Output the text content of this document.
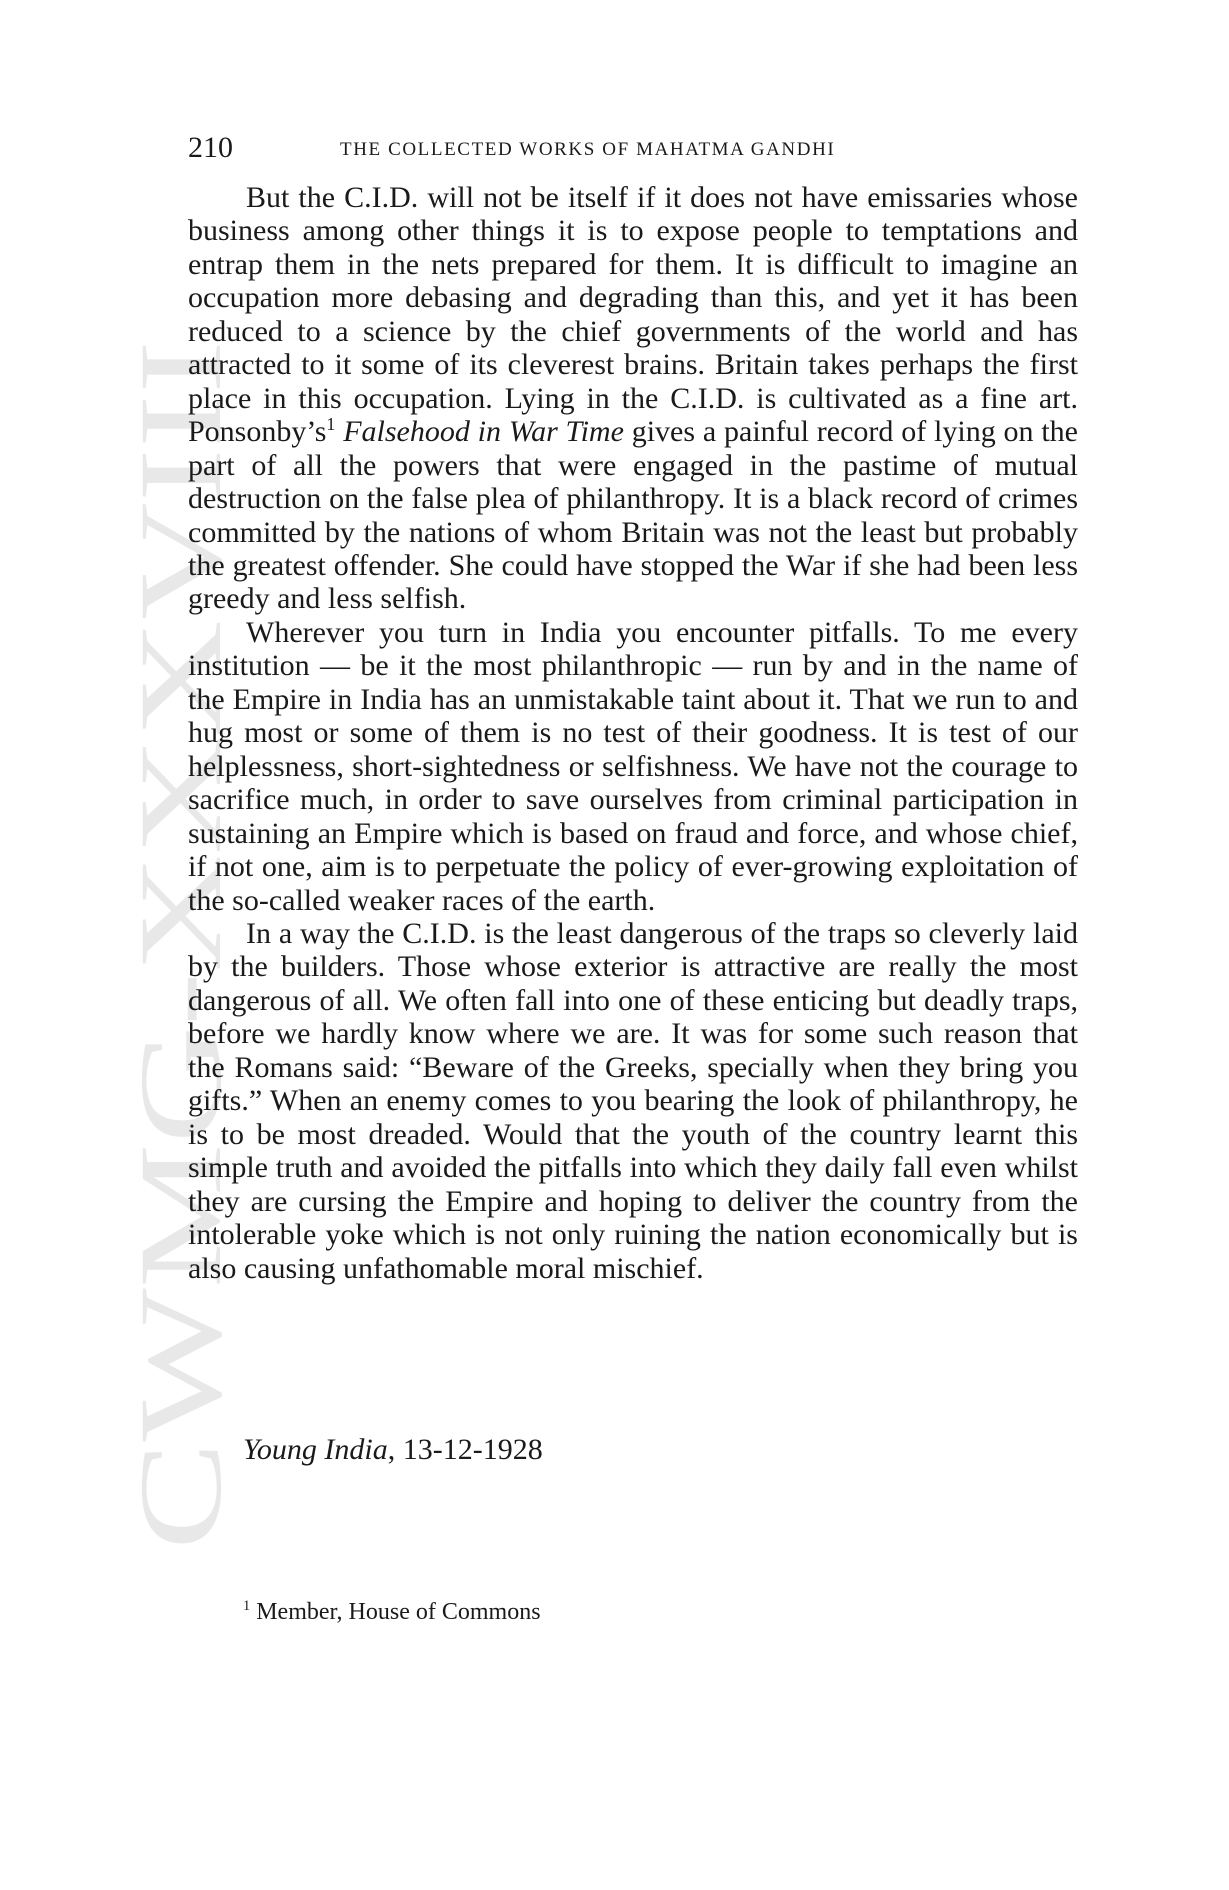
CWMG-XXXVIII
210	THE COLLECTED WORKS OF MAHATMA GANDHI

But the C.I.D. will not be itself if it does not have emissaries whose business among other things it is to expose people to temptations and entrap them in the nets prepared for them. It is difficult to imagine an occupation more debasing and degrading than this, and yet it has been reduced to a science by the chief governments of the world and has attracted to it some of its cleverest brains. Britain takes perhaps the first place in this occupation. Lying in the C.I.D. is cultivated as a fine art. $Ponsonby’s^1$ Falsehood in War Time gives a painful record of lying on the part of all the powers that were engaged in the pastime of mutual destruction on the false plea of philanthropy. It is a black record of crimes committed by the nations of whom Britain was not the least but probably the greatest offender. She could have stopped the War if she had been less greedy and less selfish.

Wherever you turn in India you encounter pitfalls. To me every institution — be it the most philanthropic — run by and in the name of the Empire in India has an unmistakable taint about it. That we run to and hug most or some of them is no test of their goodness. It is test of our helplessness, short-sightedness or selfishness. We have not the courage to sacrifice much, in order to save ourselves from criminal participation in sustaining an Empire which is based on fraud and force, and whose chief, if not one, aim is to perpetuate the policy of ever-growing exploitation of the so-called weaker races of the earth.

In a way the C.I.D. is the least dangerous of the traps so cleverly laid by the builders. Those whose exterior is attractive are really the most dangerous of all. We often fall into one of these enticing but deadly traps, before we hardly know where we are. It was for some such reason that the Romans said: “Beware of the Greeks, specially when they bring you gifts.” When an enemy comes to you bearing the look of philanthropy, he is to be most dreaded. Would that the youth of the country learnt this simple truth and avoided the pitfalls into which they daily fall even whilst they are cursing the Empire and hoping to deliver the country from the intolerable yoke which is not only ruining the nation economically but is also causing unfathomable moral mischief.

Young India, 13-12-1928
$^1$ Member, House of Commons
